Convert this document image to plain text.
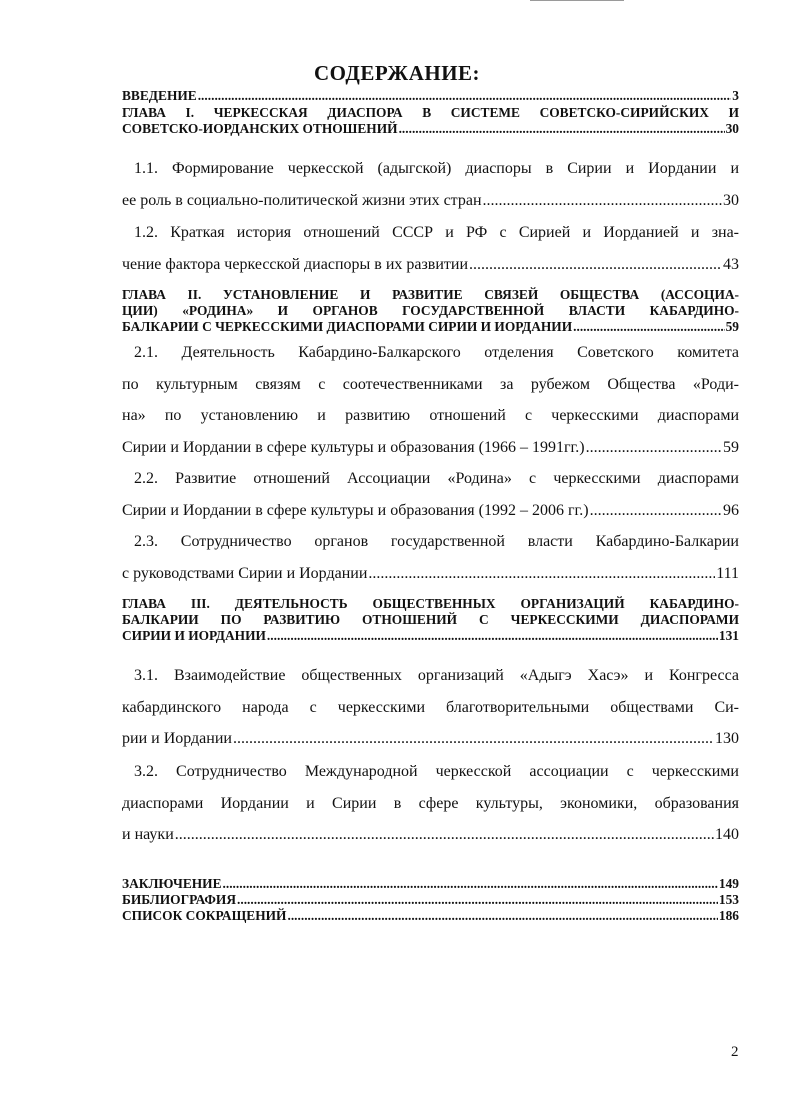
СОДЕРЖАНИЕ:
ВВЕДЕНИЕ .....	3
ГЛАВА I. ЧЕРКЕССКАЯ ДИАСПОРА В СИСТЕМЕ СОВЕТСКО-СИРИЙСКИХ И
СОВЕТСКО-ИОРДАНСКИХ ОТНОШЕНИЙ .....	30
1.1. Формирование черкесской (адыгской) диаспоры в Сирии и Иордании и
ее роль в социально-политической жизни этих стран .....	30
1.2. Краткая история отношений СССР и РФ с Сирией и Иорданией и зна-
чение фактора черкесской диаспоры в их развитии .....	43
ГЛАВА II. УСТАНОВЛЕНИЕ И РАЗВИТИЕ СВЯЗЕЙ ОБЩЕСТВА (АССОЦИА-
ЦИИ) «РОДИНА» И ОРГАНОВ ГОСУДАРСТВЕННОЙ ВЛАСТИ КАБАРДИНО-
БАЛКАРИИ С ЧЕРКЕССКИМИ ДИАСПОРАМИ СИРИИ И ИОРДАНИИ .....	59
2.1. Деятельность Кабардино-Балкарского отделения Советского комитета
по культурным связям с соотечественниками за рубежом Общества «Роди-
на» по установлению и развитию отношений с черкесскими диаспорами
Сирии и Иордании в сфере культуры и образования (1966 – 1991гг.) .....	59
2.2. Развитие отношений Ассоциации «Родина» с черкесскими диаспорами
Сирии и Иордании в сфере культуры и образования (1992 – 2006 гг.) .....	96
2.3. Сотрудничество органов государственной власти Кабардино-Балкарии
с руководствами Сирии и Иордании .....	111
ГЛАВА III. ДЕЯТЕЛЬНОСТЬ ОБЩЕСТВЕННЫХ ОРГАНИЗАЦИЙ КАБАРДИНО-
БАЛКАРИИ ПО РАЗВИТИЮ ОТНОШЕНИЙ С ЧЕРКЕССКИМИ ДИАСПОРАМИ
СИРИИ И ИОРДАНИИ .....	131
3.1. Взаимодействие общественных организаций «Адыгэ Хасэ» и Конгресса
кабардинского народа с черкесскими благотворительными обществами Си-
рии и Иордании .....	130
3.2. Сотрудничество Международной черкесской ассоциации с черкесскими
диаспорами Иордании и Сирии в сфере культуры, экономики, образования
и науки .....	140
ЗАКЛЮЧЕНИЕ .....	149
БИБЛИОГРАФИЯ .....	153
СПИСОК СОКРАЩЕНИЙ .....	186
2
